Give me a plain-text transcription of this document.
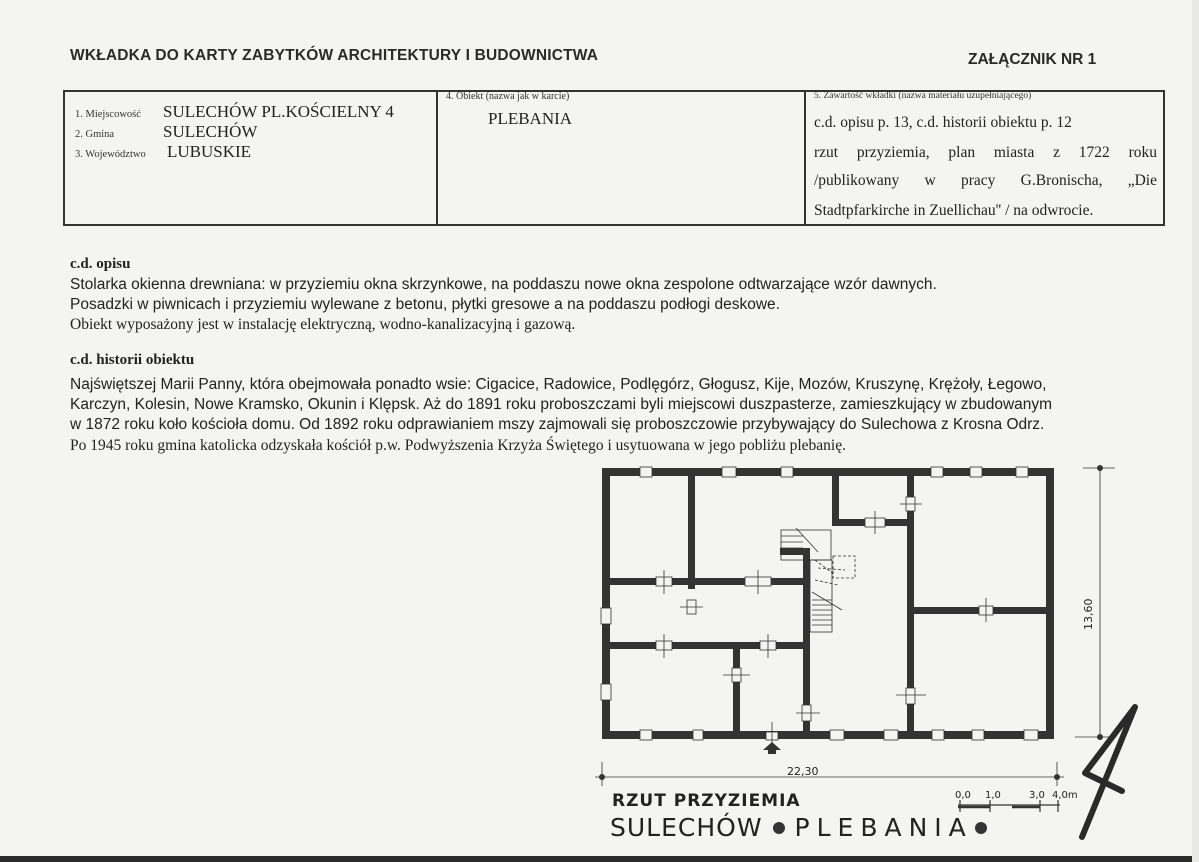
WKŁADKA DO KARTY ZABYTKÓW ARCHITEKTURY I BUDOWNICTWA	ZAŁĄCZNIK NR 1
1. Miejscowość	SULECHÓW PL.KOŚCIELNY 4
2. Gmina	SULECHÓW
3. Województwo	LUBUSKIE
4. Obiekt (nazwa jak w karcie)
PLEBANIA
5. Zawartość wkładki (nazwa materiału uzupełniającego)
c.d. opisu p. 13, c.d. historii obiektu p. 12
rzut przyziemia, plan miasta z 1722 roku
/publikowany w pracy G.Bronischa, „Die
Stadtpfarkirche in Zuellichau'' / na odwrocie.
c.d. opisu
Stolarka okienna drewniana: w przyziemiu okna skrzynkowe, na poddaszu nowe okna zespolone odtwarzające wzór dawnych.
Posadzki w piwnicach i przyziemiu wylewane z betonu, płytki gresowe a na poddaszu podłogi deskowe.
Obiekt wyposażony jest w instalację elektryczną, wodno-kanalizacyjną i gazową.
c.d. historii obiektu
Najświętszej Marii Panny, która obejmowała ponadto wsie: Cigacice, Radowice, Podlęgórz, Głogusz, Kije, Mozów, Kruszynę, Krężoły, Łegowo,
Karczyn, Kolesin, Nowe Kramsko, Okunin i Klępsk. Aż do 1891 roku proboszczami byli miejscowi duszpasterze, zamieszkujący w zbudowanym
w 1872 roku koło kościoła domu. Od 1892 roku odprawianiem mszy zajmowali się proboszczowie przybywający do Sulechowa z Krosna Odrz.
Po 1945 roku gmina katolicka odzyskała kościół p.w. Podwyższenia Krzyża Świętego i usytuowana w jego pobliżu plebanię.
22,30
13,60
RZUT PRZYZIEMIA
SULECHÓW PLEBANIA
0,0 1,0	3,0 4,0m
